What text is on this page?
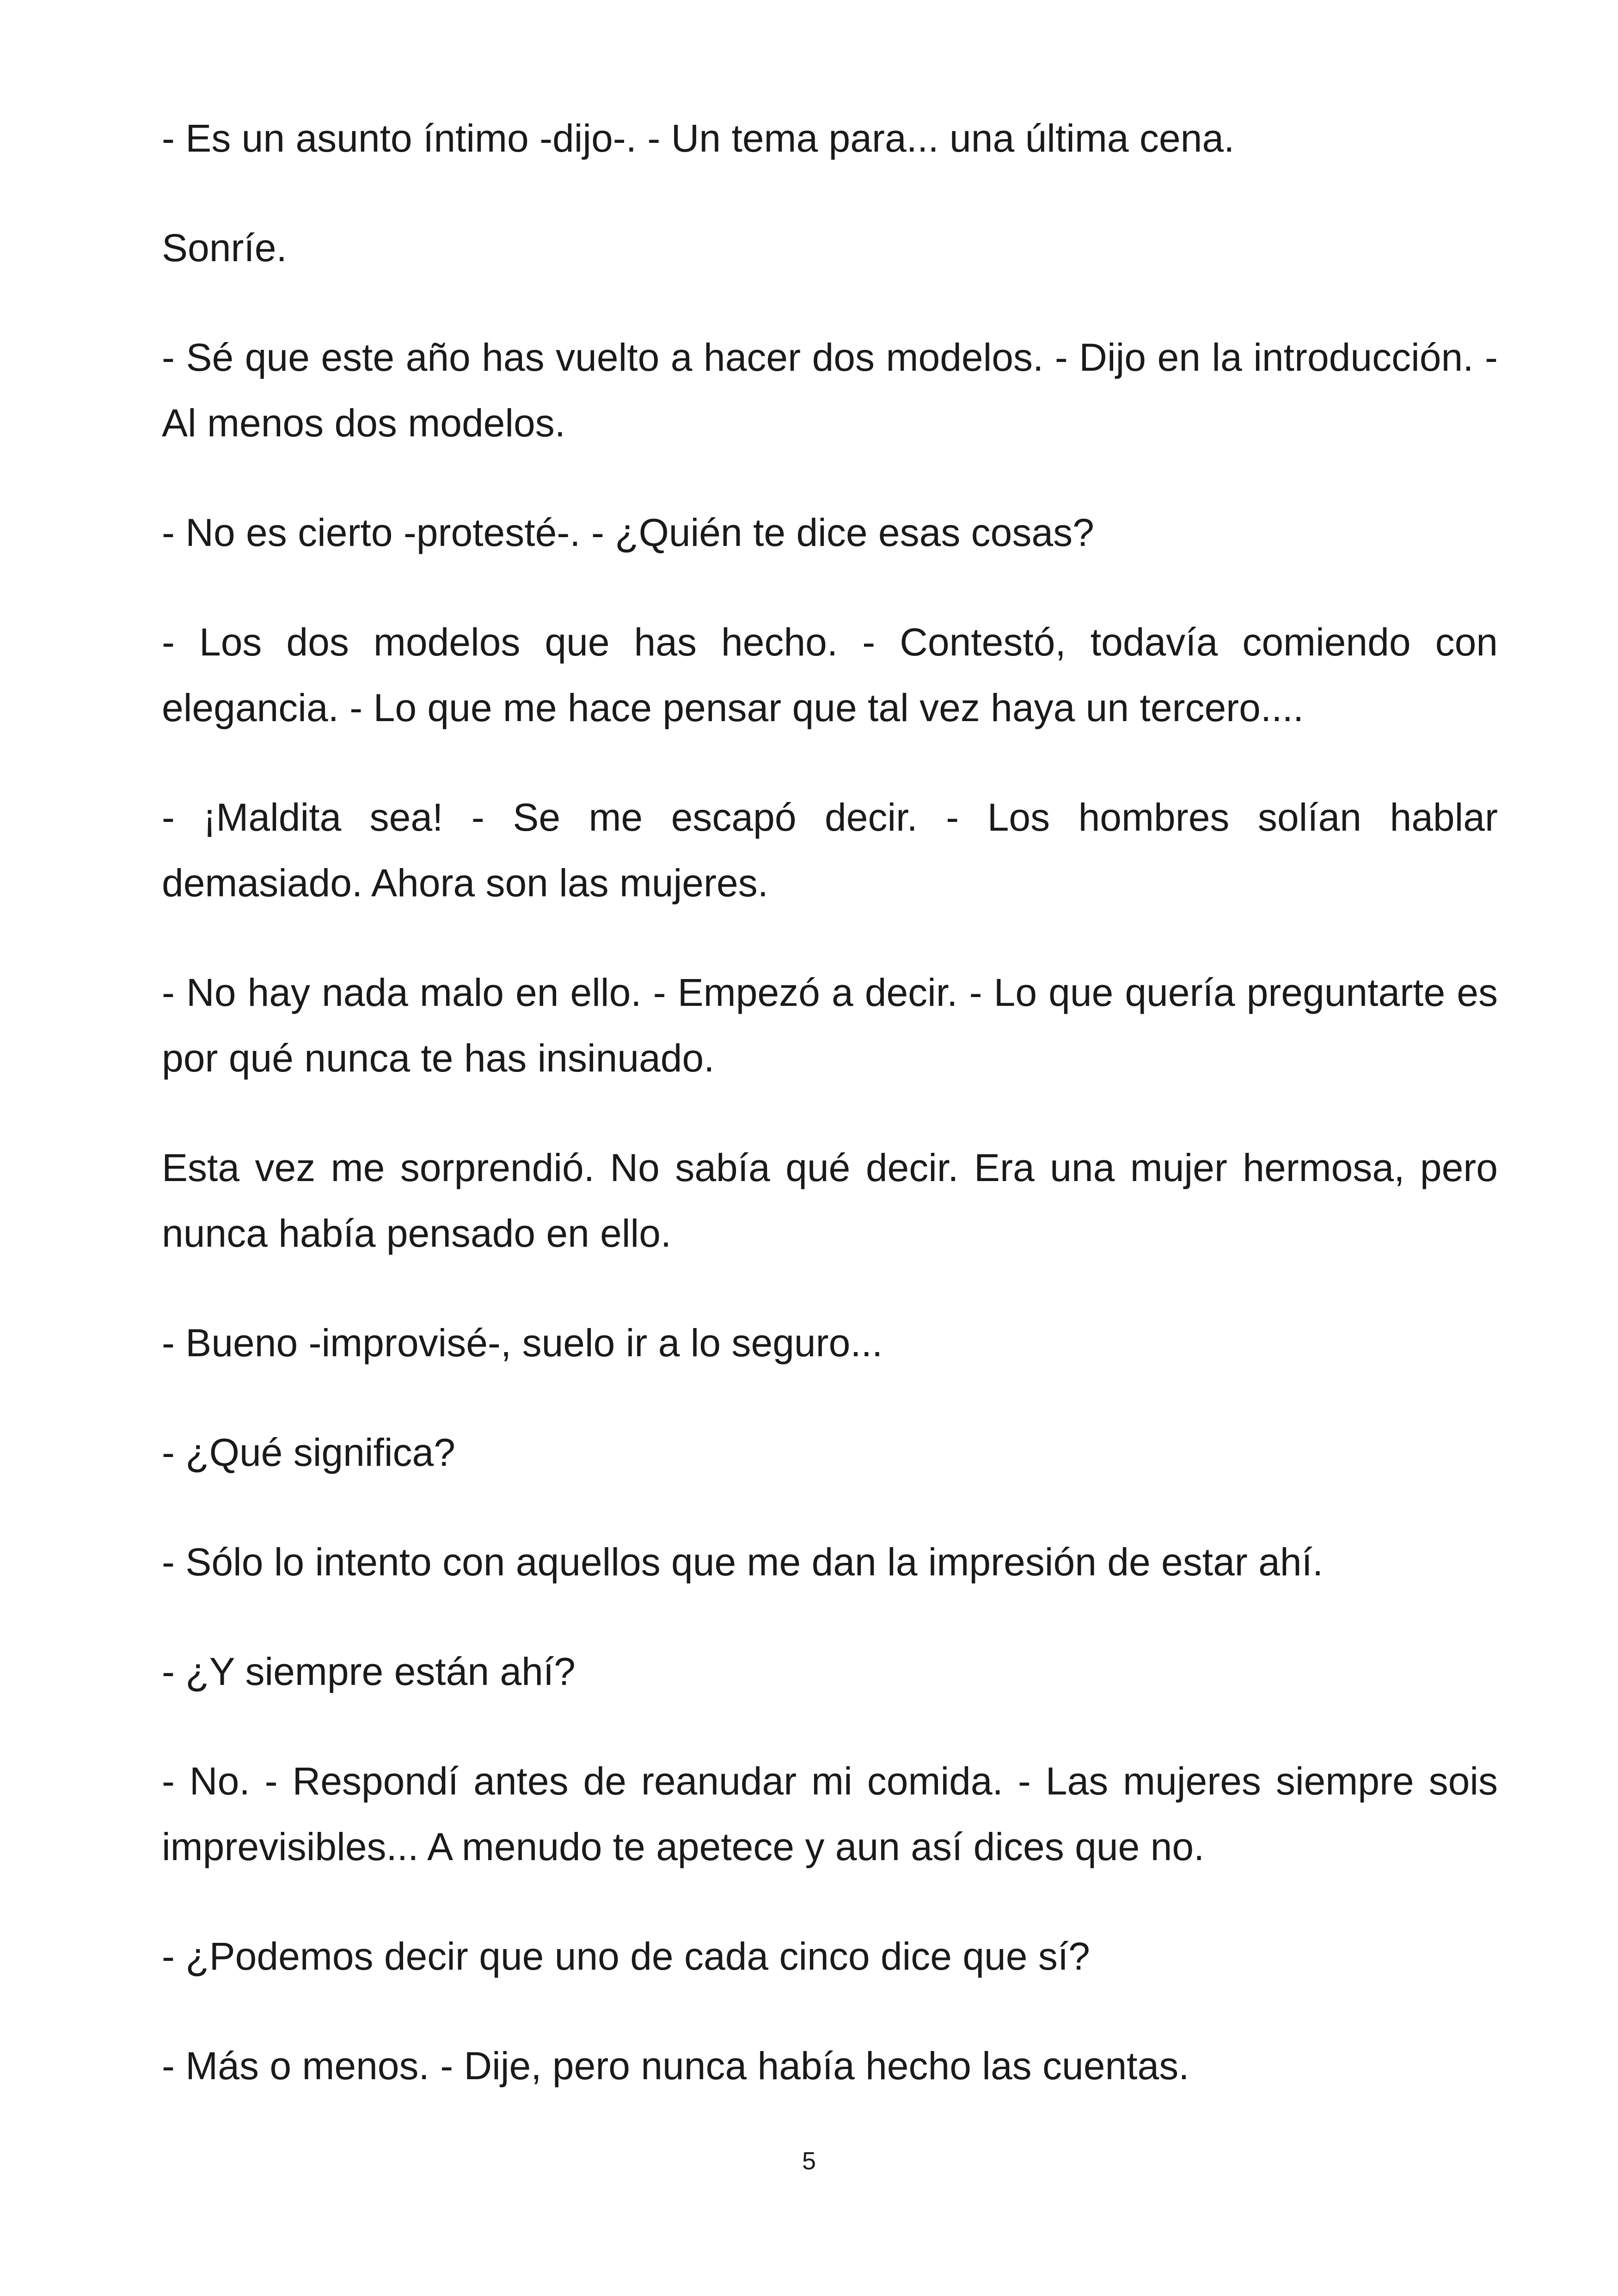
- Es un asunto íntimo -dijo-. - Un tema para... una última cena.

Sonríe.

- Sé que este año has vuelto a hacer dos modelos. - Dijo en la introducción. - Al menos dos modelos.

- No es cierto -protesté-. - ¿Quién te dice esas cosas?

- Los dos modelos que has hecho. - Contestó, todavía comiendo con elegancia. - Lo que me hace pensar que tal vez haya un tercero....

- ¡Maldita sea! - Se me escapó decir. - Los hombres solían hablar demasiado. Ahora son las mujeres.

- No hay nada malo en ello. - Empezó a decir. - Lo que quería preguntarte es por qué nunca te has insinuado.

Esta vez me sorprendió. No sabía qué decir. Era una mujer hermosa, pero nunca había pensado en ello.

- Bueno -improvisé-, suelo ir a lo seguro...

- ¿Qué significa?

- Sólo lo intento con aquellos que me dan la impresión de estar ahí.

- ¿Y siempre están ahí?

- No. - Respondí antes de reanudar mi comida. - Las mujeres siempre sois imprevisibles... A menudo te apetece y aun así dices que no.

- ¿Podemos decir que uno de cada cinco dice que sí?

- Más o menos. - Dije, pero nunca había hecho las cuentas.

5
